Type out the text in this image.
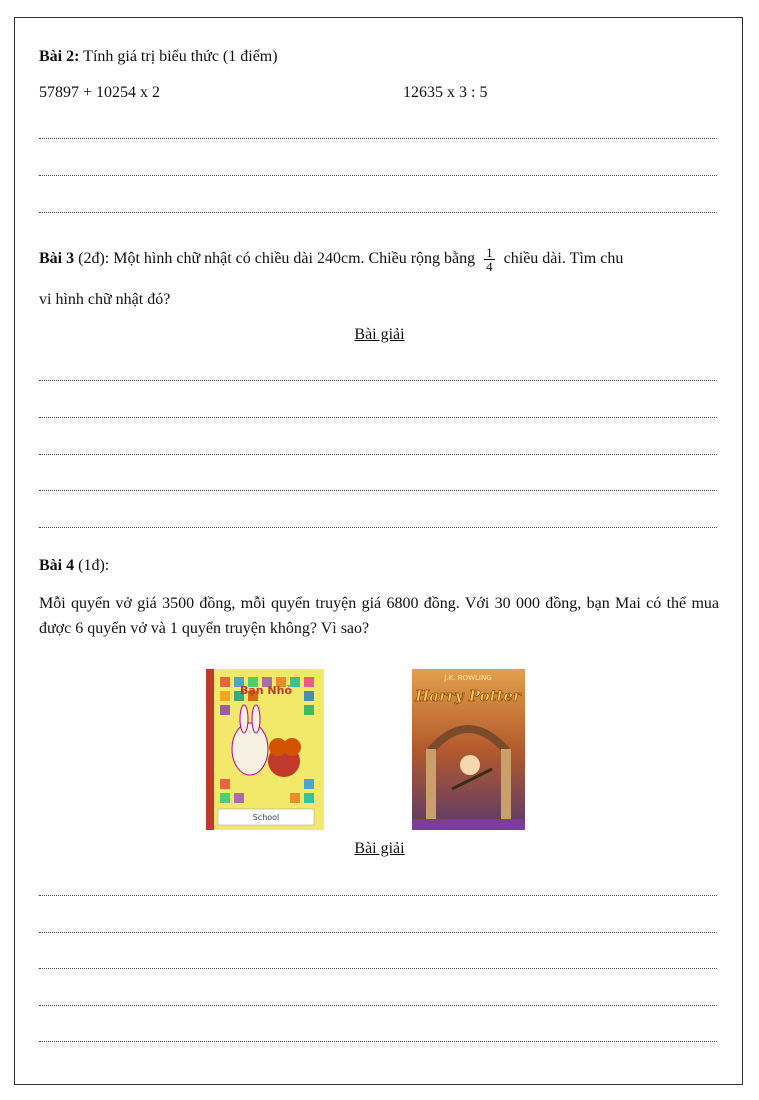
Bài 2: Tính giá trị biểu thức (1 điểm)
57897 + 10254 x 2	12635 x 3 : 5
Bài 3 (2đ): Một hình chữ nhật có chiều dài 240cm. Chiều rộng bằng $\frac{1}{4}$ chiều dài. Tìm chu
vi hình chữ nhật đó?
Bài giải
Bài 4 (1đ):
Mỗi quyển vở giá 3500 đồng, mỗi quyển truyện giá 6800 đồng. Với 30 000 đồng, bạn Mai có thể mua được 6 quyển vở và 1 quyển truyện không? Vì sao?
Bạn Nhỏ
School
J.K. ROWLING
Harry Potter
Bài giải
